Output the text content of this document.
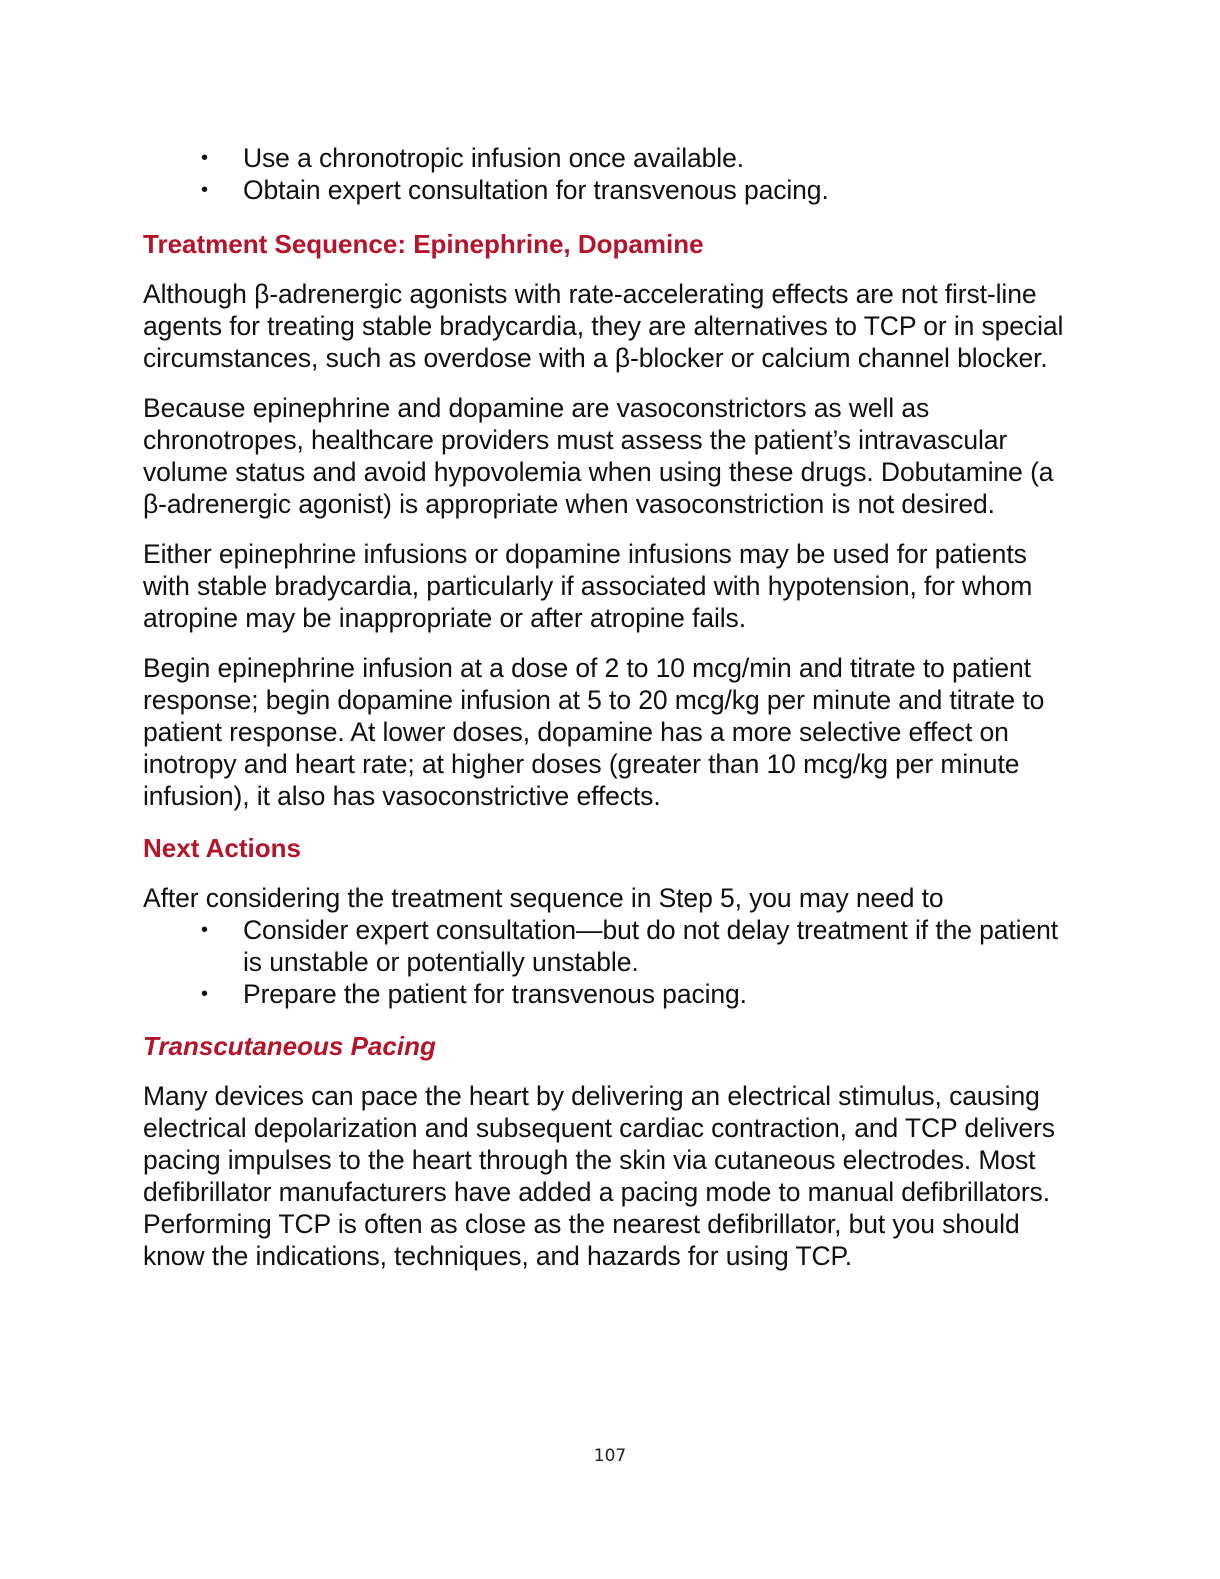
• Use a chronotropic infusion once available.
• Obtain expert consultation for transvenous pacing.
Treatment Sequence: Epinephrine, Dopamine

Although β-adrenergic agonists with rate-accelerating effects are not first-line agents for treating stable bradycardia, they are alternatives to TCP or in special circumstances, such as overdose with a β-blocker or calcium channel blocker.

Because epinephrine and dopamine are vasoconstrictors as well as chronotropes, healthcare providers must assess the patient’s intravascular volume status and avoid hypovolemia when using these drugs. Dobutamine (a β-adrenergic agonist) is appropriate when vasoconstriction is not desired.

Either epinephrine infusions or dopamine infusions may be used for patients with stable bradycardia, particularly if associated with hypotension, for whom atropine may be inappropriate or after atropine fails.

Begin epinephrine infusion at a dose of 2 to 10 mcg/min and titrate to patient response; begin dopamine infusion at 5 to 20 mcg/kg per minute and titrate to patient response. At lower doses, dopamine has a more selective effect on inotropy and heart rate; at higher doses (greater than 10 mcg/kg per minute infusion), it also has vasoconstrictive effects.

Next Actions

After considering the treatment sequence in Step 5, you may need to

• Consider expert consultation—but do not delay treatment if the patient is unstable or potentially unstable.
• Prepare the patient for transvenous pacing.
Transcutaneous Pacing

Many devices can pace the heart by delivering an electrical stimulus, causing electrical depolarization and subsequent cardiac contraction, and TCP delivers pacing impulses to the heart through the skin via cutaneous electrodes. Most defibrillator manufacturers have added a pacing mode to manual defibrillators. Performing TCP is often as close as the nearest defibrillator, but you should know the indications, techniques, and hazards for using TCP.

107
